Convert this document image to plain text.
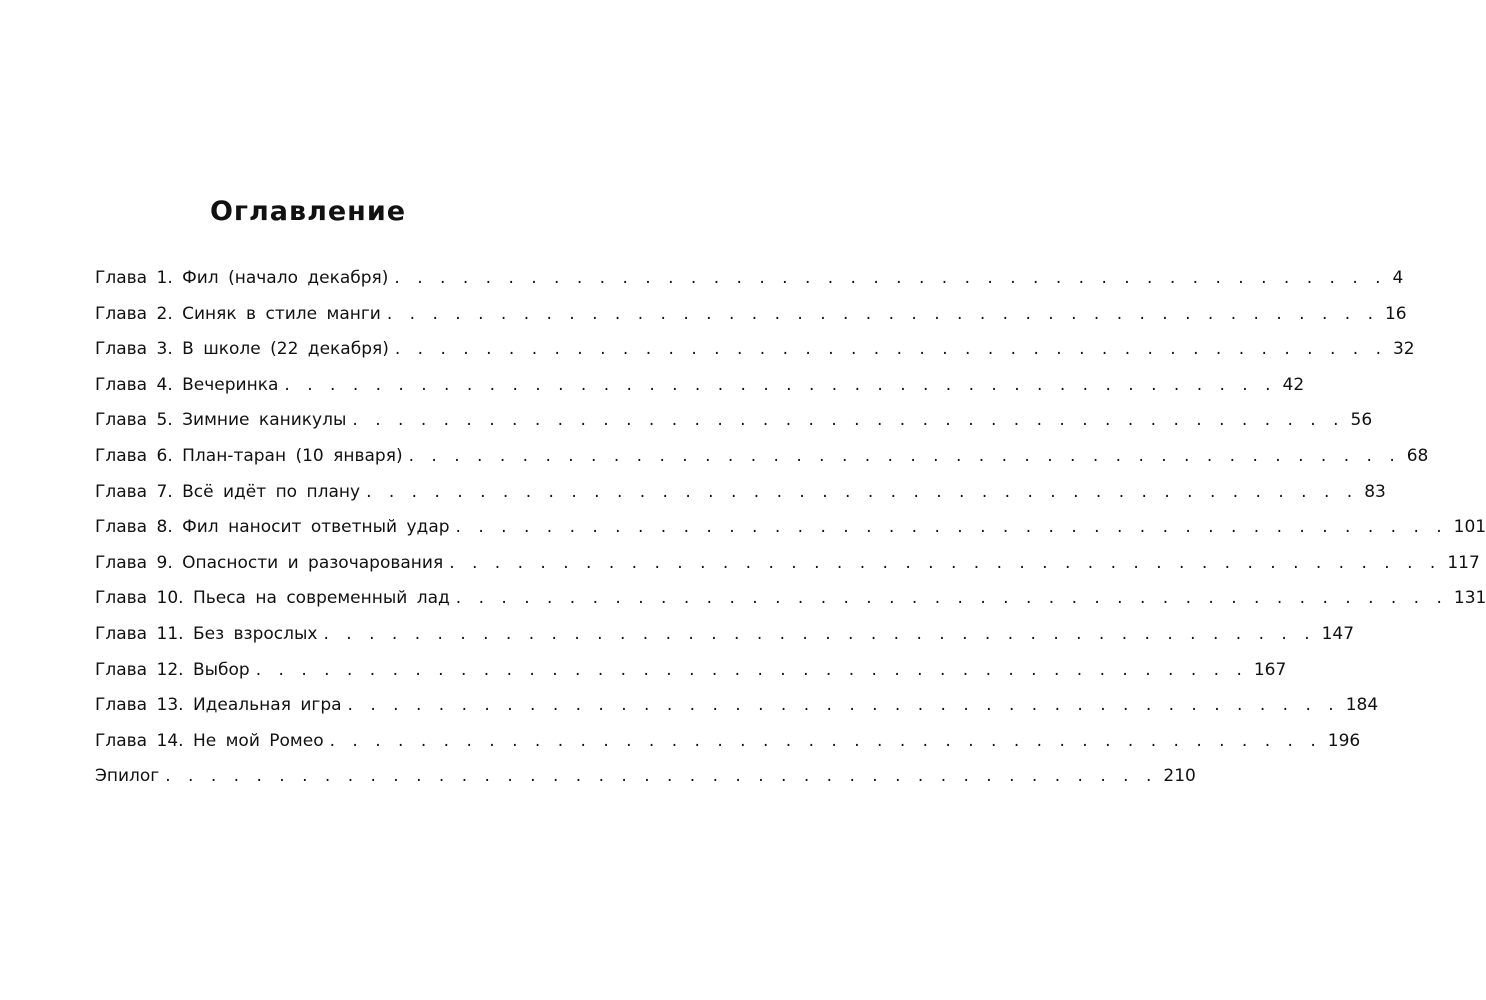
Оглавление
Глава 1. Фил (начало декабря) . . . . . . . . . . . . . . . . . . . . . . . . . . . . . . . . . . . . . . . . . . . . 4
Глава 2. Синяк в стиле манги . . . . . . . . . . . . . . . . . . . . . . . . . . . . . . . . . . . . . . . . . . . . 16
Глава 3. В школе (22 декабря) . . . . . . . . . . . . . . . . . . . . . . . . . . . . . . . . . . . . . . . . . . . . 32
Глава 4. Вечеринка . . . . . . . . . . . . . . . . . . . . . . . . . . . . . . . . . . . . . . . . . . . . 42
Глава 5. Зимние каникулы . . . . . . . . . . . . . . . . . . . . . . . . . . . . . . . . . . . . . . . . . . . . 56
Глава 6. План-таран (10 января) . . . . . . . . . . . . . . . . . . . . . . . . . . . . . . . . . . . . . . . . . . . . 68
Глава 7. Всё идёт по плану . . . . . . . . . . . . . . . . . . . . . . . . . . . . . . . . . . . . . . . . . . . . 83
Глава 8. Фил наносит ответный удар . . . . . . . . . . . . . . . . . . . . . . . . . . . . . . . . . . . . . . . . . . . . 101
Глава 9. Опасности и разочарования . . . . . . . . . . . . . . . . . . . . . . . . . . . . . . . . . . . . . . . . . . . . 117
Глава 10. Пьеса на современный лад . . . . . . . . . . . . . . . . . . . . . . . . . . . . . . . . . . . . . . . . . . . . 131
Глава 11. Без взрослых . . . . . . . . . . . . . . . . . . . . . . . . . . . . . . . . . . . . . . . . . . . . 147
Глава 12. Выбор . . . . . . . . . . . . . . . . . . . . . . . . . . . . . . . . . . . . . . . . . . . . 167
Глава 13. Идеальная игра . . . . . . . . . . . . . . . . . . . . . . . . . . . . . . . . . . . . . . . . . . . . 184
Глава 14. Не мой Ромео . . . . . . . . . . . . . . . . . . . . . . . . . . . . . . . . . . . . . . . . . . . . 196
Эпилог . . . . . . . . . . . . . . . . . . . . . . . . . . . . . . . . . . . . . . . . . . . . 210
